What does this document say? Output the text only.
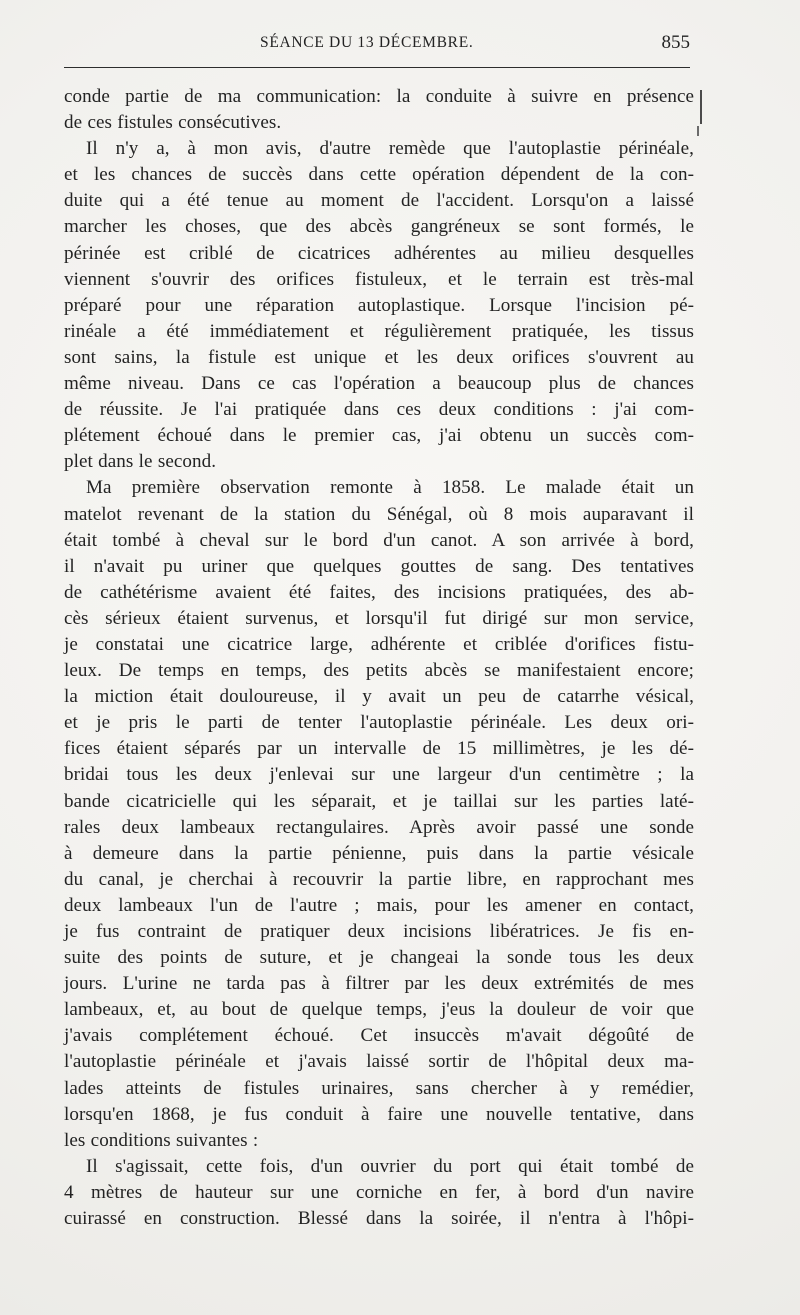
SÉANCE DU 13 DÉCEMBRE.	855
conde partie de ma communication: la conduite à suivre en présence
de ces fistules consécutives.
Il n'y a, à mon avis, d'autre remède que l'autoplastie périnéale,
et les chances de succès dans cette opération dépendent de la con-
duite qui a été tenue au moment de l'accident. Lorsqu'on a laissé
marcher les choses, que des abcès gangréneux se sont formés, le
périnée est criblé de cicatrices adhérentes au milieu desquelles
viennent s'ouvrir des orifices fistuleux, et le terrain est très-mal
préparé pour une réparation autoplastique. Lorsque l'incision pé-
rinéale a été immédiatement et régulièrement pratiquée, les tissus
sont sains, la fistule est unique et les deux orifices s'ouvrent au
même niveau. Dans ce cas l'opération a beaucoup plus de chances
de réussite. Je l'ai pratiquée dans ces deux conditions : j'ai com-
plétement échoué dans le premier cas, j'ai obtenu un succès com-
plet dans le second.
Ma première observation remonte à 1858. Le malade était un
matelot revenant de la station du Sénégal, où 8 mois auparavant il
était tombé à cheval sur le bord d'un canot. A son arrivée à bord,
il n'avait pu uriner que quelques gouttes de sang. Des tentatives
de cathétérisme avaient été faites, des incisions pratiquées, des ab-
cès sérieux étaient survenus, et lorsqu'il fut dirigé sur mon service,
je constatai une cicatrice large, adhérente et criblée d'orifices fistu-
leux. De temps en temps, des petits abcès se manifestaient encore;
la miction était douloureuse, il y avait un peu de catarrhe vésical,
et je pris le parti de tenter l'autoplastie périnéale. Les deux ori-
fices étaient séparés par un intervalle de 15 millimètres, je les dé-
bridai tous les deux j'enlevai sur une largeur d'un centimètre ; la
bande cicatricielle qui les séparait, et je taillai sur les parties laté-
rales deux lambeaux rectangulaires. Après avoir passé une sonde
à demeure dans la partie pénienne, puis dans la partie vésicale
du canal, je cherchai à recouvrir la partie libre, en rapprochant mes
deux lambeaux l'un de l'autre ; mais, pour les amener en contact,
je fus contraint de pratiquer deux incisions libératrices. Je fis en-
suite des points de suture, et je changeai la sonde tous les deux
jours. L'urine ne tarda pas à filtrer par les deux extrémités de mes
lambeaux, et, au bout de quelque temps, j'eus la douleur de voir que
j'avais complétement échoué. Cet insuccès m'avait dégoûté de
l'autoplastie périnéale et j'avais laissé sortir de l'hôpital deux ma-
lades atteints de fistules urinaires, sans chercher à y remédier,
lorsqu'en 1868, je fus conduit à faire une nouvelle tentative, dans
les conditions suivantes :
Il s'agissait, cette fois, d'un ouvrier du port qui était tombé de
4 mètres de hauteur sur une corniche en fer, à bord d'un navire
cuirassé en construction. Blessé dans la soirée, il n'entra à l'hôpi-
